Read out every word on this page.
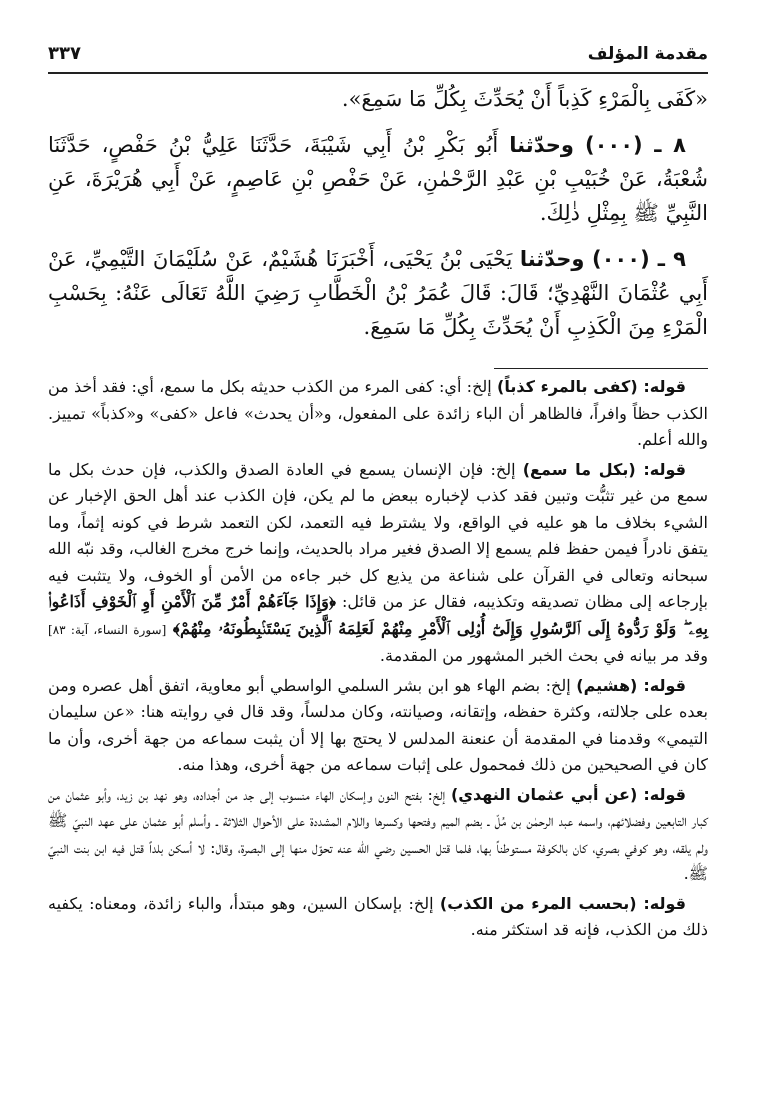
مقدمة المؤلف
٣٣٧

«كَفَى بِالْمَرْءِ كَذِباً أَنْ يُحَدِّثَ بِكُلِّ مَا سَمِعَ».

٨ ـ (٠٠٠) وحدّثنا أَبُو بَكْرِ بْنُ أَبِي شَيْبَةَ، حَدَّثَنَا عَلِيُّ بْنُ حَفْصٍ، حَدَّثَنَا شُعْبَةُ، عَنْ خُبَيْبِ بْنِ عَبْدِ الرَّحْمٰنِ، عَنْ حَفْصِ بْنِ عَاصِمٍ، عَنْ أَبِي هُرَيْرَةَ، عَنِ النَّبِيِّ ﷺ بِمِثْلِ ذٰلِكَ.

٩ ـ (٠٠٠) وحدّثنا يَحْيَى بْنُ يَحْيَى، أَخْبَرَنَا هُشَيْمٌ، عَنْ سُلَيْمَانَ التَّيْمِيِّ، عَنْ أَبِي عُثْمَانَ النَّهْدِيِّ؛ قَالَ: قَالَ عُمَرُ بْنُ الْخَطَّابِ رَضِيَ اللَّهُ تَعَالَى عَنْهُ: بِحَسْبِ الْمَرْءِ مِنَ الْكَذِبِ أَنْ يُحَدِّثَ بِكُلِّ مَا سَمِعَ.

قوله: (كفى بالمرء كذباً) إلخ: أي: كفى المرء من الكذب حديثه بكل ما سمع، أي: فقد أخذ من الكذب حظاً وافراً، فالظاهر أن الباء زائدة على المفعول، و«أن يحدث» فاعل «كفى» و«كذباً» تمييز. والله أعلم.

قوله: (بكل ما سمع) إلخ: فإن الإنسان يسمع في العادة الصدق والكذب، فإن حدث بكل ما سمع من غير تثبُّت وتبين فقد كذب لإخباره ببعض ما لم يكن، فإن الكذب عند أهل الحق الإخبار عن الشيء بخلاف ما هو عليه في الواقع، ولا يشترط فيه التعمد، لكن التعمد شرط في كونه إثماً، وما يتفق نادراً فيمن حفظ فلم يسمع إلا الصدق فغير مراد بالحديث، وإنما خرج مخرج الغالب، وقد نبّه الله سبحانه وتعالى في القرآن على شناعة من يذيع كل خبر جاءه من الأمن أو الخوف، ولا يتثبت فيه بإرجاعه إلى مظان تصديقه وتكذيبه، فقال عز من قائل: ﴿وَإِذَا جَآءَهُمْ أَمْرٌ مِّنَ ٱلْأَمْنِ أَوِ ٱلْخَوْفِ أَذَاعُوا۟ بِهِۦ ۖ وَلَوْ رَدُّوهُ إِلَى ٱلرَّسُولِ وَإِلَىٰٓ أُو۟لِى ٱلْأَمْرِ مِنْهُمْ لَعَلِمَهُ ٱلَّذِينَ يَسْتَنۢبِطُونَهُۥ مِنْهُمْ﴾ [سورة النساء، آية: ٨٣] وقد مر بيانه في بحث الخبر المشهور من المقدمة.

قوله: (هشيم) إلخ: بضم الهاء هو ابن بشر السلمي الواسطي أبو معاوية، اتفق أهل عصره ومن بعده على جلالته، وكثرة حفظه، وإتقانه، وصيانته، وكان مدلساً، وقد قال في روايته هنا: «عن سليمان التيمي» وقدمنا في المقدمة أن عنعنة المدلس لا يحتج بها إلا أن يثبت سماعه من جهة أخرى، وأن ما كان في الصحيحين من ذلك فمحمول على إثبات سماعه من جهة أخرى، وهذا منه.

قوله: (عن أبي عثمان النهدي) إلخ: بفتح النون وإسكان الهاء منسوب إلى جد من أجداده، وهو نهد بن زيد، وأبو عثمان من كبار التابعين وفضلائهم، واسمه عبد الرحمٰن بن مُلّ ـ بضم الميم وفتحها وكسرها واللام المشددة على الأحوال الثلاثة ـ وأسلم أبو عثمان على عهد النبيّ ﷺ ولم يلقه، وهو كوفي بصري، كان بالكوفة مستوطناً بها، فلما قتل الحسين رضي الله عنه تحوّل منها إلى البصرة، وقال: لا أسكن بلداً قتل فيه ابن بنت النبيّ ﷺ.

قوله: (بحسب المرء من الكذب) إلخ: بإسكان السين، وهو مبتدأ، والباء زائدة، ومعناه: يكفيه ذلك من الكذب، فإنه قد استكثر منه.
